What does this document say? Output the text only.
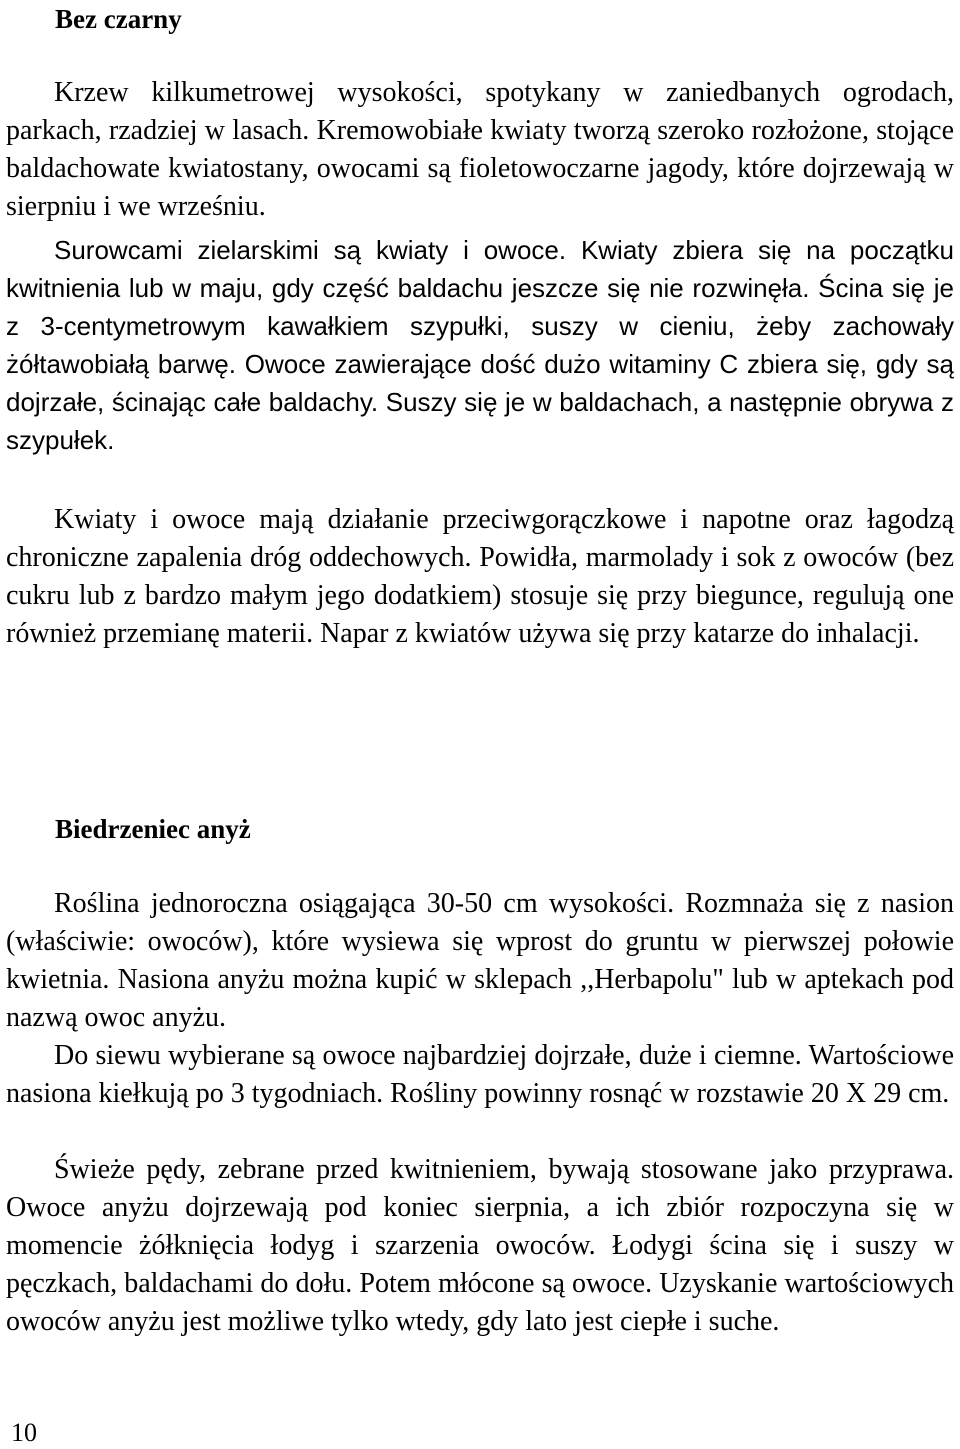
Bez czarny

Krzew kilkumetrowej wysokości, spotykany w zaniedbanych ogrodach, parkach, rzadziej w lasach. Kremowobiałe kwiaty tworzą szeroko rozłożone, stojące baldachowate kwiatostany, owocami są fioletowoczarne jagody, które dojrzewają w sierpniu i we wrześniu.

Surowcami zielarskimi są kwiaty i owoce. Kwiaty zbiera się na początku kwitnienia lub w maju, gdy część baldachu jeszcze się nie rozwinęła. Ścina się je z 3-centymetrowym kawałkiem szypułki, suszy w cieniu, żeby zachowały żółtawobiałą barwę. Owoce zawierające dość dużo witaminy C zbiera się, gdy są dojrzałe, ścinając całe baldachy. Suszy się je w baldachach, a następnie obrywa z szypułek.

Kwiaty i owoce mają działanie przeciwgorączkowe i napotne oraz łagodzą chroniczne zapalenia dróg oddechowych. Powidła, marmolady i sok z owoców (bez cukru lub z bardzo małym jego dodatkiem) stosuje się przy biegunce, regulują one również przemianę materii. Napar z kwiatów używa się przy katarze do inhalacji.

Biedrzeniec anyż

Roślina jednoroczna osiągająca 30-50 cm wysokości. Rozmnaża się z nasion (właściwie: owoców), które wysiewa się wprost do gruntu w pierwszej połowie kwietnia. Nasiona anyżu można kupić w sklepach ,,Herbapolu" lub w aptekach pod nazwą owoc anyżu.

Do siewu wybierane są owoce najbardziej dojrzałe, duże i ciemne. Wartościowe nasiona kiełkują po 3 tygodniach. Rośliny powinny rosnąć w rozstawie 20 X 29 cm.

Świeże pędy, zebrane przed kwitnieniem, bywają stosowane jako przyprawa. Owoce anyżu dojrzewają pod koniec sierpnia, a ich zbiór rozpoczyna się w momencie żółknięcia łodyg i szarzenia owoców. Łodygi ścina się i suszy w pęczkach, baldachami do dołu. Potem młócone są owoce. Uzyskanie wartościowych owoców anyżu jest możliwe tylko wtedy, gdy lato jest ciepłe i suche.

10
